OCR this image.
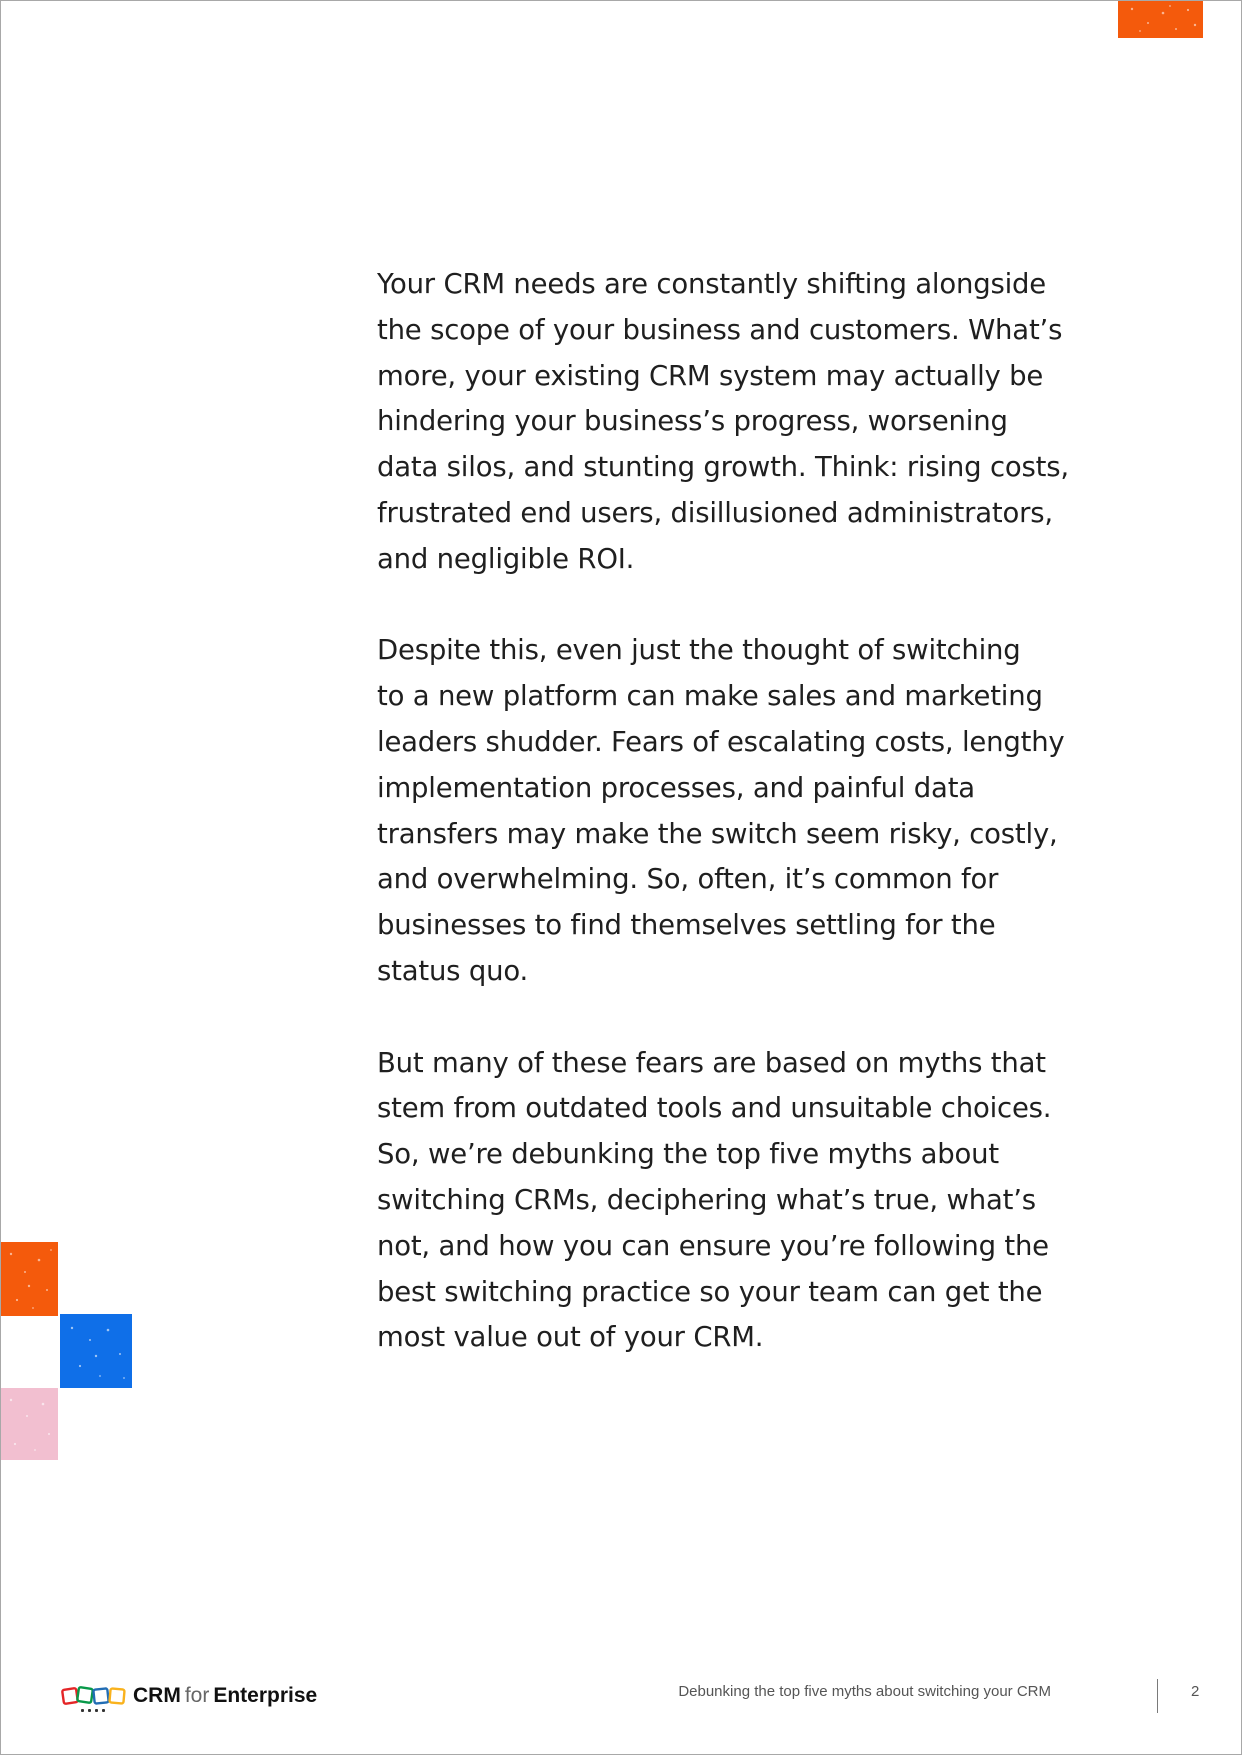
Your CRM needs are constantly shifting alongside
the scope of your business and customers. What’s
more, your existing CRM system may actually be
hindering your business’s progress, worsening
data silos, and stunting growth. Think: rising costs,
frustrated end users, disillusioned administrators,
and negligible ROI.

Despite this, even just the thought of switching
to a new platform can make sales and marketing
leaders shudder. Fears of escalating costs, lengthy
implementation processes, and painful data
transfers may make the switch seem risky, costly,
and overwhelming. So, often, it’s common for
businesses to find themselves settling for the
status quo.

But many of these fears are based on myths that
stem from outdated tools and unsuitable choices.
So, we’re debunking the top five myths about
switching CRMs, deciphering what’s true, what’s
not, and how you can ensure you’re following the
best switching practice so your team can get the
most value out of your CRM.

CRM for Enterprise	Debunking the top five myths about switching your CRM	2
